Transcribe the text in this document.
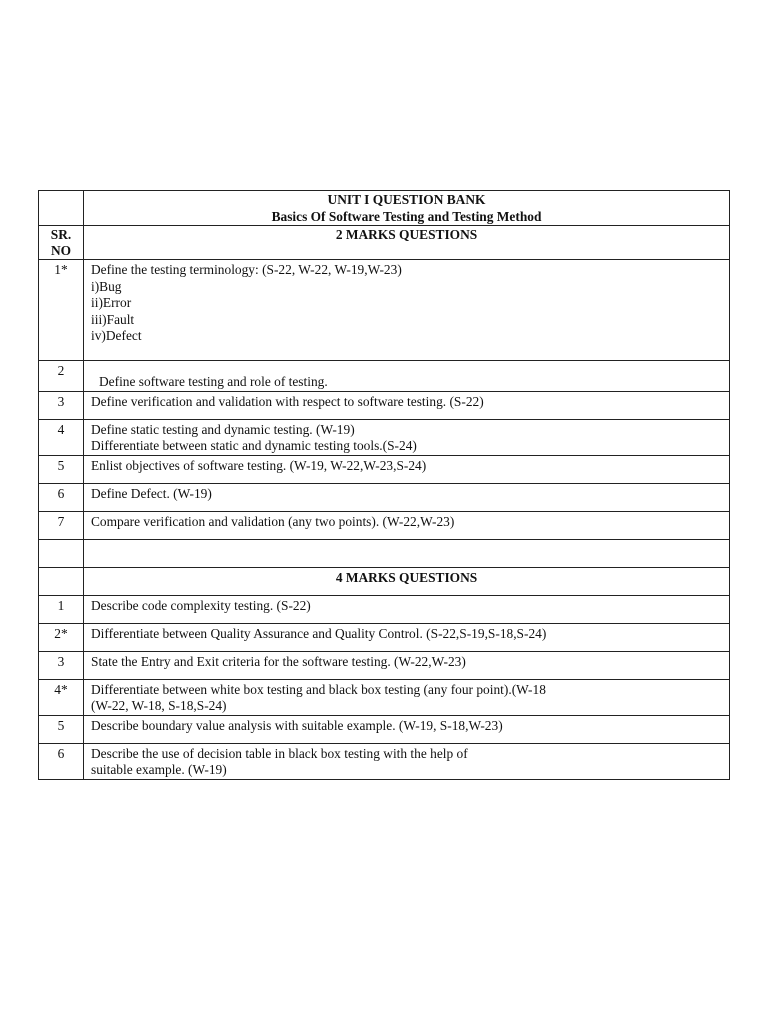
	UNIT I QUESTION BANK
Basics Of Software Testing and Testing Method

SR.
NO	2 MARKS QUESTIONS

1*	Define the testing terminology: (S-22, W-22, W-19,W-23)
i)Bug
ii)Error
iii)Fault
iv)Defect

2	Define software testing and role of testing.

3	Define verification and validation with respect to software testing. (S-22)

4	Define static testing and dynamic testing. (W-19)
Differentiate between static and dynamic testing tools.(S-24)

5	Enlist objectives of software testing. (W-19, W-22,W-23,S-24)

6	Define Defect. (W-19)

7	Compare verification and validation (any two points). (W-22,W-23)

	4 MARKS QUESTIONS
1	Describe code complexity testing. (S-22)

2*	Differentiate between Quality Assurance and Quality Control. (S-22,S-19,S-18,S-24)

3	State the Entry and Exit criteria for the software testing. (W-22,W-23)

4*	Differentiate between white box testing and black box testing (any four point).(W-18
(W-22, W-18, S-18,S-24)

5	Describe boundary value analysis with suitable example. (W-19, S-18,W-23)

6	Describe the use of decision table in black box testing with the help of
suitable example. (W-19)
